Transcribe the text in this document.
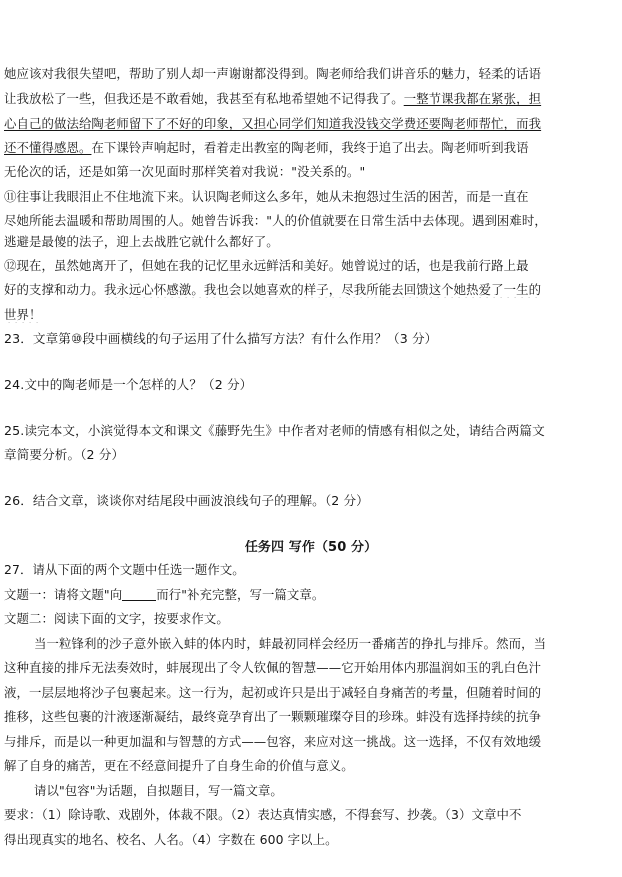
她应该对我很失望吧，帮助了别人却一声谢谢都没得到。陶老师给我们讲音乐的魅力，轻柔的话语
让我放松了一些，但我还是不敢看她，我甚至有私地希望她不记得我了。一整节课我都在紧张，担
心自己的做法给陶老师留下了不好的印象，又担心同学们知道我没钱交学费还要陶老师帮忙，而我
还不懂得感恩。在下课铃声响起时，看着走出教室的陶老师，我终于追了出去。陶老师听到我语
无伦次的话，还是如第一次见面时那样笑着对我说："没关系的。"
⑪往事让我眼泪止不住地流下来。认识陶老师这么多年，她从未抱怨过生活的困苦，而是一直在
尽她所能去温暖和帮助周围的人。她曾告诉我："人的价值就要在日常生活中去体现。遇到困难时，
逃避是最傻的法子，迎上去战胜它就什么都好了。
⑫现在，虽然她离开了，但她在我的记忆里永远鲜活和美好。她曾说过的话，也是我前行路上最
好的支撑和动力。我永远心怀感激。我也会以她喜欢的样子，尽我所能去回馈这个她热爱了一生的
世界！
23．文章第⑩段中画横线的句子运用了什么描写方法？有什么作用？（3 分）
24.文中的陶老师是一个怎样的人？（2 分）
25.读完本文，小滨觉得本文和课文《藤野先生》中作者对老师的情感有相似之处，请结合两篇文
章简要分析。（2 分）
26．结合文章，谈谈你对结尾段中画波浪线句子的理解。（2 分）
任务四 写作（50 分）
27．请从下面的两个文题中任选一题作文。
文题一：请将文题"向	而行"补充完整，写一篇文章。
文题二：阅读下面的文字，按要求作文。
当一粒锋利的沙子意外嵌入蚌的体内时，蚌最初同样会经历一番痛苦的挣扎与排斥。然而，当
这种直接的排斥无法奏效时，蚌展现出了令人钦佩的智慧——它开始用体内那温润如玉的乳白色汁
液，一层层地将沙子包裹起来。这一行为，起初或许只是出于减轻自身痛苦的考量，但随着时间的
推移，这些包裹的汁液逐渐凝结，最终竟孕育出了一颗颗璀璨夺目的珍珠。蚌没有选择持续的抗争
与排斥，而是以一种更加温和与智慧的方式——包容，来应对这一挑战。这一选择，不仅有效地缓
解了自身的痛苦，更在不经意间提升了自身生命的价值与意义。
请以"包容"为话题，自拟题目，写一篇文章。
要求：（1）除诗歌、戏剧外，体裁不限。（2）表达真情实感，不得套写、抄袭。（3）文章中不
得出现真实的地名、校名、人名。（4）字数在 600 字以上。
